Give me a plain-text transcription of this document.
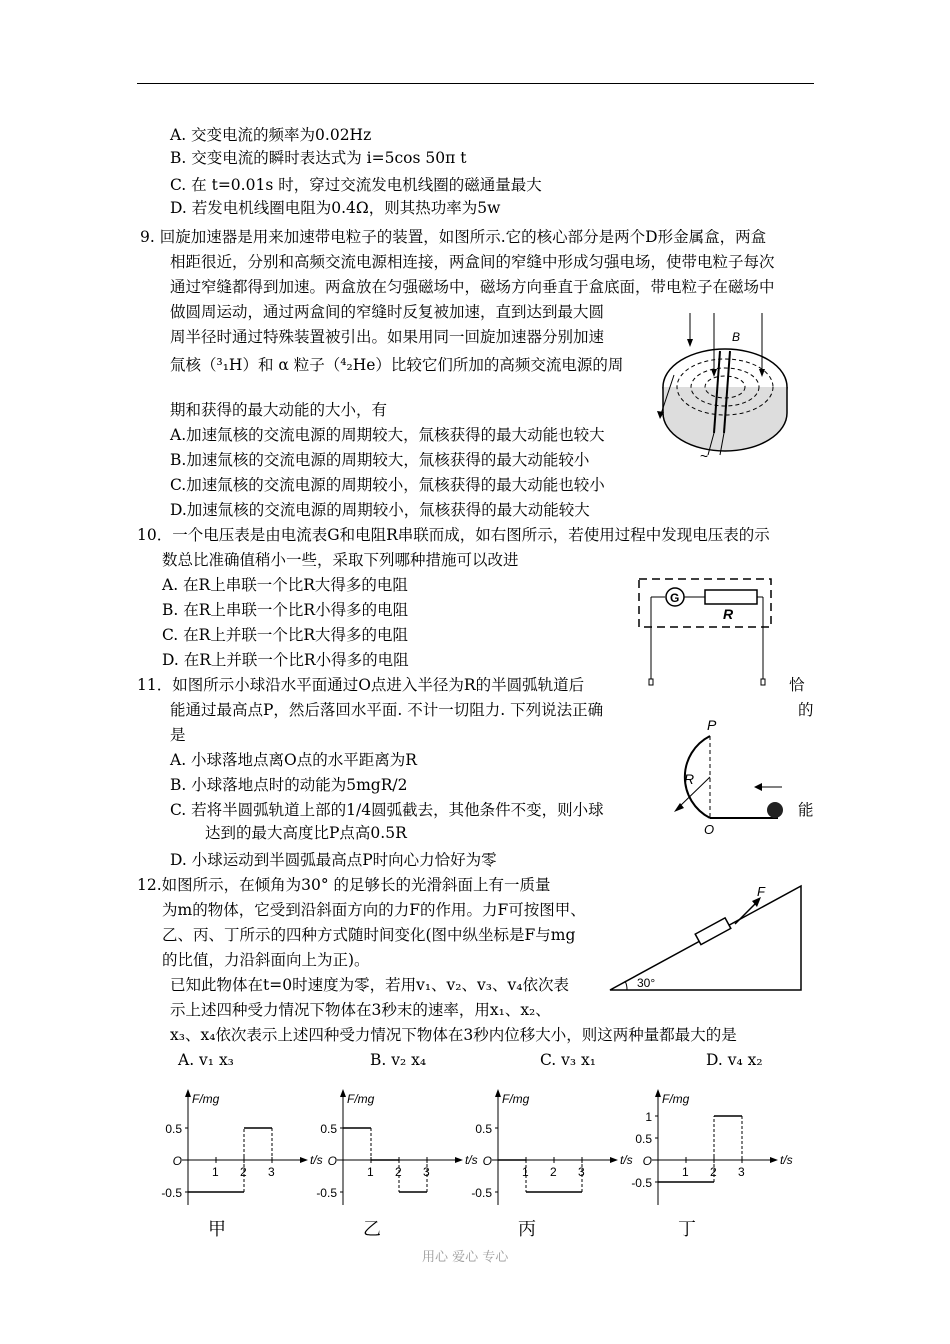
A. 交变电流的频率为0.02Hz
B. 交变电流的瞬时表达式为 i=5cos 50π t
C. 在 t=0.01s 时，穿过交流发电机线圈的磁通量最大
D. 若发电机线圈电阻为0.4Ω，则其热功率为5w
9. 回旋加速器是用来加速带电粒子的装置，如图所示.它的核心部分是两个D形金属盒，两盒
相距很近，分别和高频交流电源相连接，两盒间的窄缝中形成匀强电场，使带电粒子每次
通过窄缝都得到加速。两盒放在匀强磁场中，磁场方向垂直于盒底面，带电粒子在磁场中
做圆周运动，通过两盒间的窄缝时反复被加速，直到达到最大圆
周半径时通过特殊装置被引出。如果用同一回旋加速器分别加速
氚核（³₁H）和 α 粒子（⁴₂He）比较它们所加的高频交流电源的周
期和获得的最大动能的大小，有
A.加速氚核的交流电源的周期较大，氚核获得的最大动能也较大
B.加速氚核的交流电源的周期较大，氚核获得的最大动能较小
C.加速氚核的交流电源的周期较小，氚核获得的最大动能也较小
D.加速氚核的交流电源的周期较小，氚核获得的最大动能较大
B
~
10．一个电压表是由电流表G和电阻R串联而成，如右图所示，若使用过程中发现电压表的示
数总比准确值稍小一些，采取下列哪种措施可以改进
A. 在R上串联一个比R大得多的电阻
B. 在R上串联一个比R小得多的电阻
C. 在R上并联一个比R大得多的电阻
D. 在R上并联一个比R小得多的电阻
G
R
11．如图所示小球沿水平面通过O点进入半径为R的半圆弧轨道后	恰
能通过最高点P，然后落回水平面. 不计一切阻力. 下列说法正确	的
是
A. 小球落地点离O点的水平距离为R
B. 小球落地点时的动能为5mgR/2
C. 若将半圆弧轨道上部的1/4圆弧截去，其他条件不变，则小球	能
达到的最大高度比P点高0.5R
D. 小球运动到半圆弧最高点P时向心力恰好为零
P
R
O
12.如图所示，在倾角为30° 的足够长的光滑斜面上有一质量
为m的物体，它受到沿斜面方向的力F的作用。力F可按图甲、
乙、丙、丁所示的四种方式随时间变化(图中纵坐标是F与mg
的比值，力沿斜面向上为正)。
已知此物体在t=0时速度为零，若用v₁、v₂、v₃、v₄依次表
示上述四种受力情况下物体在3秒末的速率，用x₁、x₂、
x₃、x₄依次表示上述四种受力情况下物体在3秒内位移大小，则这两种量都最大的是
A. v₁ x₃	B. v₂ x₄	C. v₃ x₁	D. v₄ x₂
F
30°
F/mg
t/s
0.5
O
-0.5
1 2 3
甲
F/mg
t/s
0.5
O
-0.5
1 2 3
乙
F/mg
t/s
0.5
O
-0.5
1 2 3
丙
F/mg
t/s
1
0.5
O
-0.5
1 2 3
丁
用心 爱心 专心
